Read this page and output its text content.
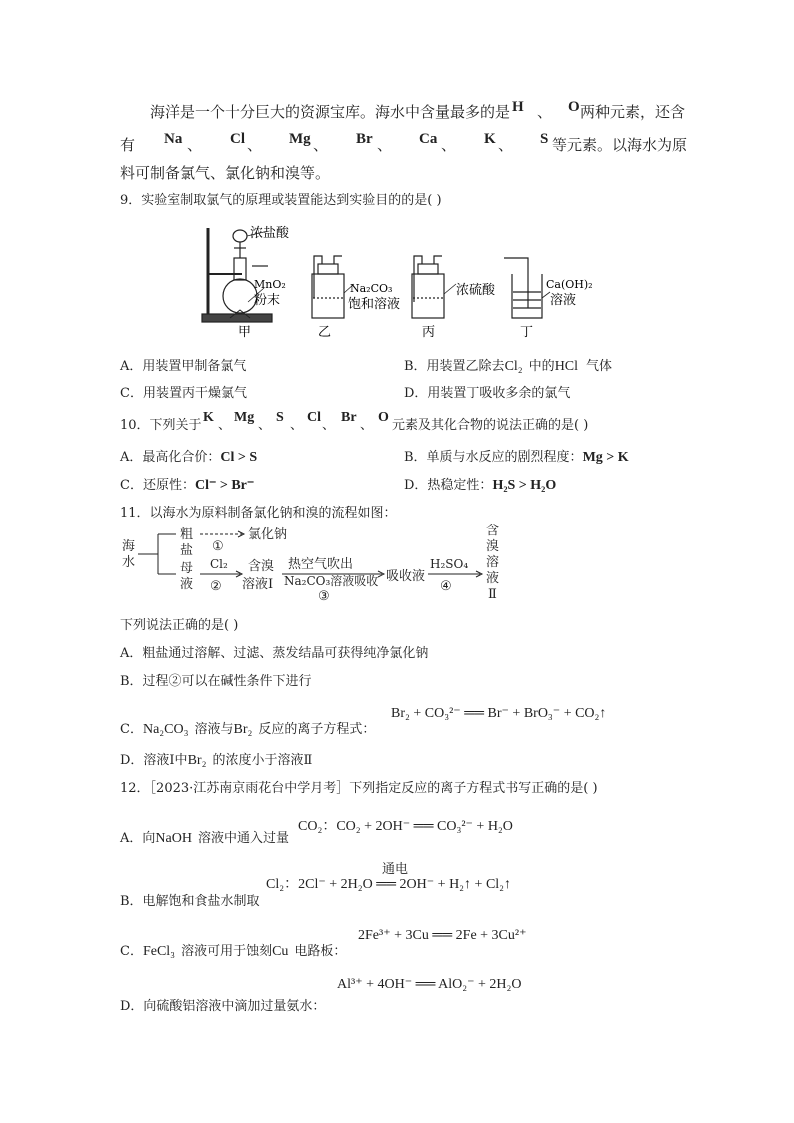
海洋是一个十分巨大的资源宝库。海水中含量最多的是 H 、 O 两种元素，还含
有 Na 、 Cl 、 Mg 、 Br 、 Ca 、 K 、 S 等元素。以海水为原
料可制备氯气、氯化钠和溴等。
9．实验室制取氯气的原理或装置能达到实验目的的是( )
浓盐酸
MnO₂
粉末
甲
Na₂CO₃
饱和溶液
乙
浓硫酸
丙
Ca(OH)₂
溶液
丁
A．用装置甲制备氯气	B．用装置乙除去Cl₂ 中的HCl 气体
C．用装置丙干燥氯气	D．用装置丁吸收多余的氯气
10．下列关于
K
、
Mg
、
S
、
Cl
、
Br
、
O
元素及其化合物的说法正确的是( )
A．最高化合价：Cl > S	B．单质与水反应的剧烈程度：Mg > K
C．还原性：Cl⁻ > Br⁻	D．热稳定性：H₂S > H₂O
11．以海水为原料制备氯化钠和溴的流程如图：
海
水
粗
盐
母
液
①
氯化钠
Cl₂
②
含溴
溶液Ⅰ
热空气吹出
Na₂CO₃溶液吸收
③
吸收液
H₂SO₄
④
含
溴
溶
液
Ⅱ
下列说法正确的是( )
A．粗盐通过溶解、过滤、蒸发结晶可获得纯净氯化钠
B．过程②可以在碱性条件下进行
C．Na₂CO₃ 溶液与Br₂ 反应的离子方程式：
Br₂ + CO₃²⁻ ══ Br⁻ + BrO₃⁻ + CO₂↑
D．溶液Ⅰ中Br₂ 的浓度小于溶液Ⅱ
12．［2023·江苏南京雨花台中学月考］下列指定反应的离子方程式书写正确的是( )
A．向NaOH 溶液中通入过量
CO₂：CO₂ + 2OH⁻ ══ CO₃²⁻ + H₂O
通电
Cl₂：2Cl⁻ + 2H₂O ══ 2OH⁻ + H₂↑ + Cl₂↑
B．电解饱和食盐水制取
C．FeCl₃ 溶液可用于蚀刻Cu 电路板：
2Fe³⁺ + 3Cu ══ 2Fe + 3Cu²⁺
Al³⁺ + 4OH⁻ ══ AlO₂⁻ + 2H₂O
D．向硫酸铝溶液中滴加过量氨水：
